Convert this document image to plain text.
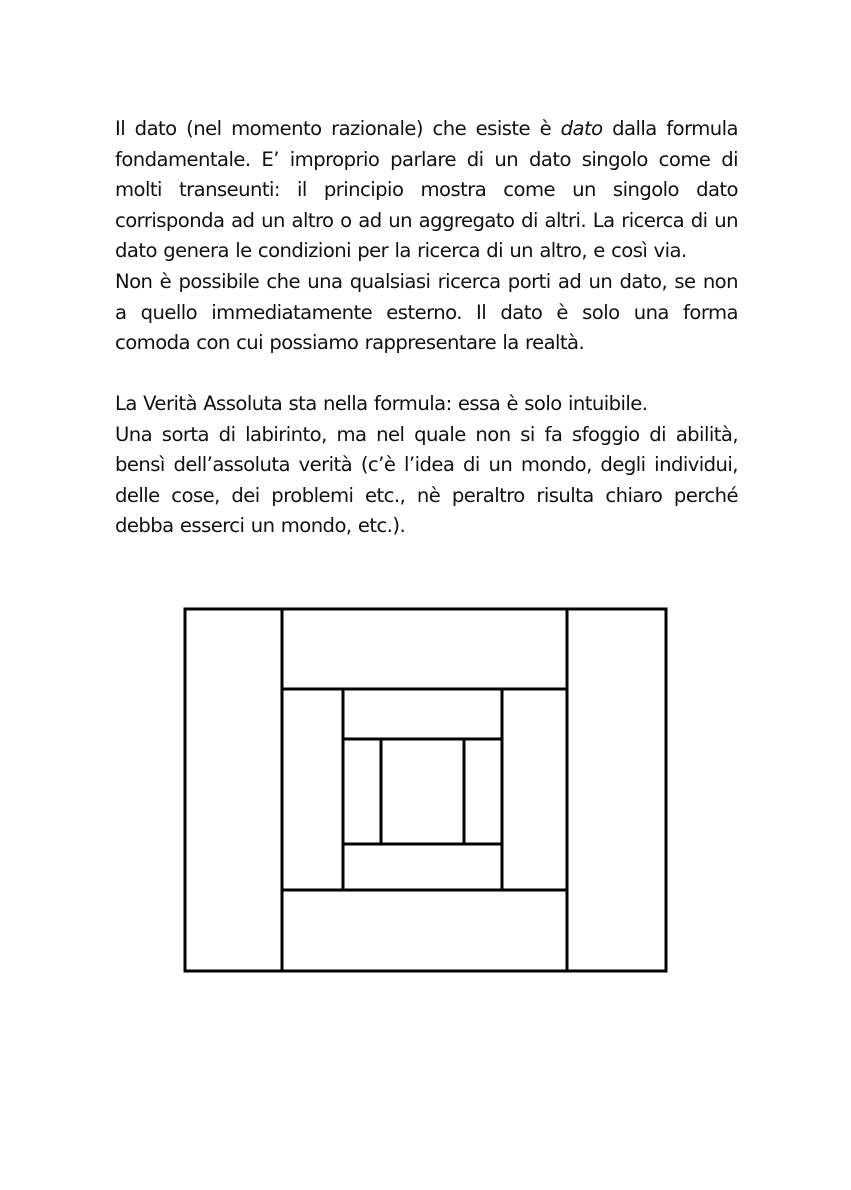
Il dato (nel momento razionale) che esiste è dato dalla formula fondamentale. E’ improprio parlare di un dato singolo come di molti transeunti: il principio mostra come un singolo dato corrisponda ad un altro o ad un aggregato di altri. La ricerca di un dato genera le condizioni per la ricerca di un altro, e così via.

Non è possibile che una qualsiasi ricerca porti ad un dato, se non a quello immediatamente esterno. Il dato è solo una forma comoda con cui possiamo rappresentare la realtà.

La Verità Assoluta sta nella formula: essa è solo intuibile.

Una sorta di labirinto, ma nel quale non si fa sfoggio di abilità, bensì dell’assoluta verità (c’è l’idea di un mondo, degli individui, delle cose, dei problemi etc., nè peraltro risulta chiaro perché debba esserci un mondo, etc.).
